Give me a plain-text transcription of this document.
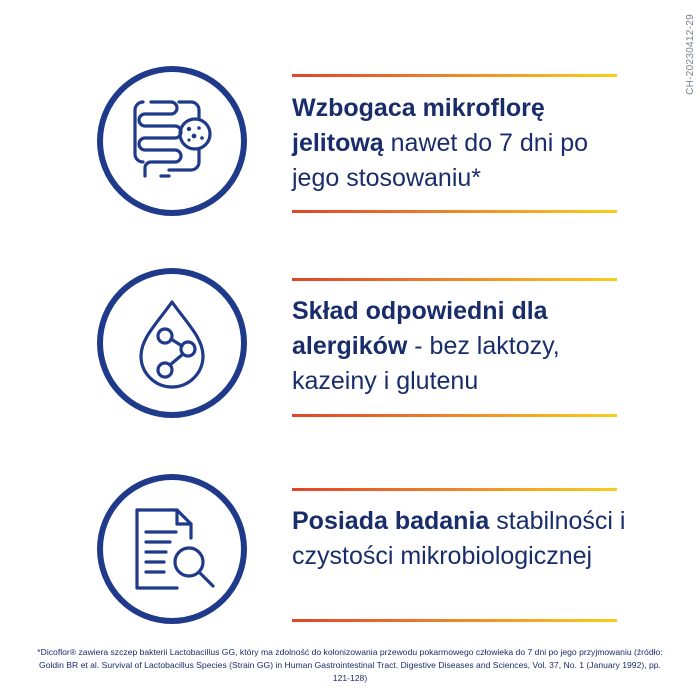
CH-20230412-29
Wzbogaca mikroflorę jelitową nawet do 7 dni po jego stosowaniu*
Skład odpowiedni dla alergików - bez laktozy, kazeiny i glutenu
Posiada badania stabilności i czystości mikrobiologicznej
*Dicoflor® zawiera szczep bakterii Lactobacillus GG, który ma zdolność do kolonizowania przewodu pokarmowego człowieka do 7 dni po jego przyjmowaniu (źródło: Goldin BR et al. Survival of Lactobacillus Species (Strain GG) in Human Gastrointestinal Tract. Digestive Diseases and Sciences, Vol. 37, No. 1 (January 1992), pp. 121-128)
